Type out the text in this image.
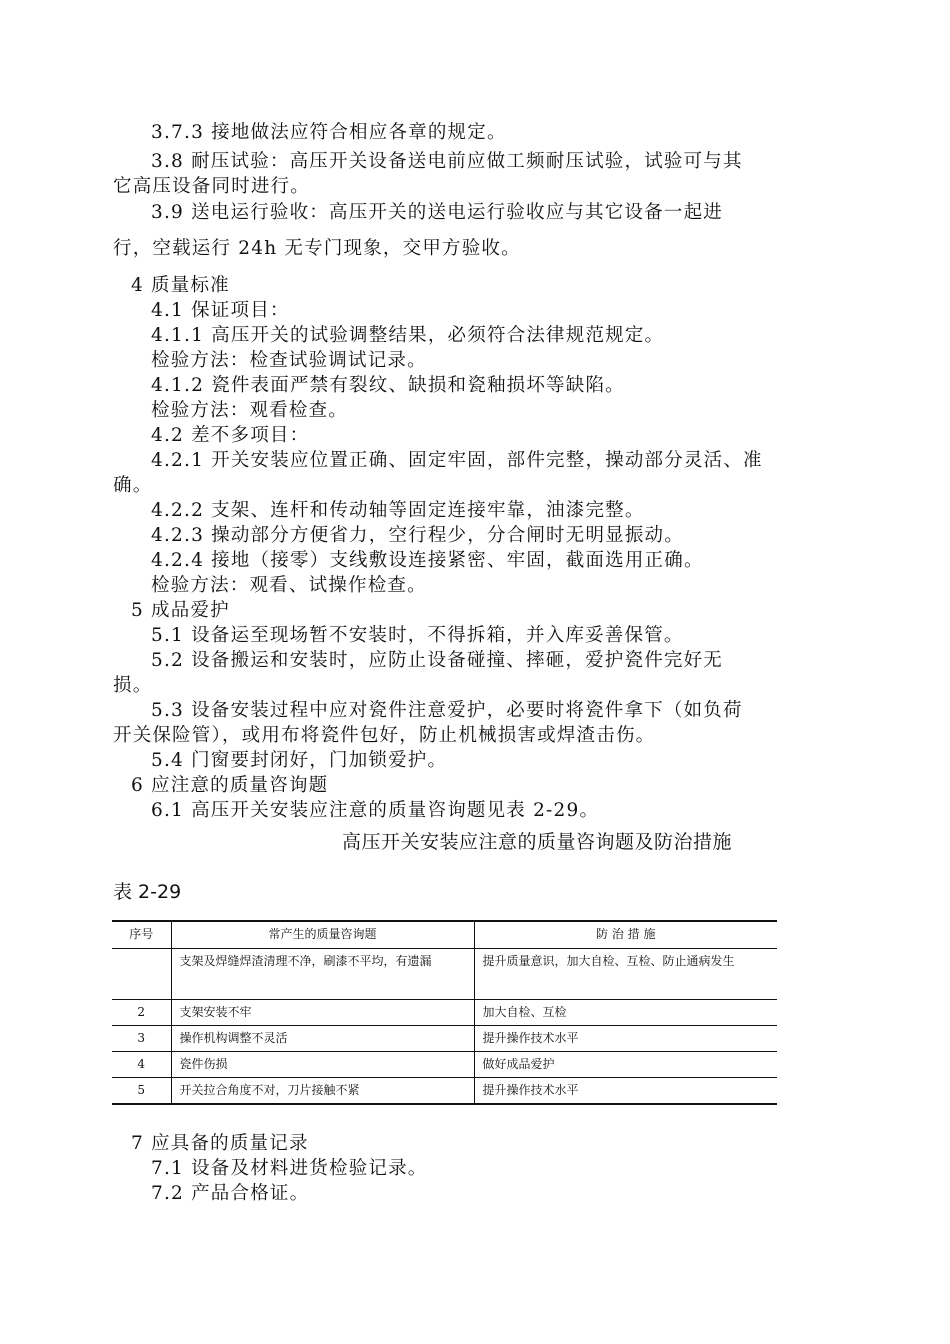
3.7.3 接地做法应符合相应各章的规定。
3.8 耐压试验：高压开关设备送电前应做工频耐压试验，试验可与其
它高压设备同时进行。
3.9 送电运行验收：高压开关的送电运行验收应与其它设备一起进
行，空载运行 24h 无专门现象，交甲方验收。
4 质量标准
4.1 保证项目：
4.1.1 高压开关的试验调整结果，必须符合法律规范规定。
检验方法：检查试验调试记录。
4.1.2 瓷件表面严禁有裂纹、缺损和瓷釉损坏等缺陷。
检验方法：观看检查。
4.2 差不多项目：
4.2.1 开关安装应位置正确、固定牢固，部件完整，操动部分灵活、准
确。
4.2.2 支架、连杆和传动轴等固定连接牢靠，油漆完整。
4.2.3 操动部分方便省力，空行程少，分合闸时无明显振动。
4.2.4 接地（接零）支线敷设连接紧密、牢固，截面选用正确。
检验方法：观看、试操作检查。
5 成品爱护
5.1 设备运至现场暂不安装时，不得拆箱，并入库妥善保管。
5.2 设备搬运和安装时，应防止设备碰撞、摔砸，爱护瓷件完好无
损。
5.3 设备安装过程中应对瓷件注意爱护，必要时将瓷件拿下（如负荷
开关保险管），或用布将瓷件包好，防止机械损害或焊渣击伤。
5.4 门窗要封闭好，门加锁爱护。
6 应注意的质量咨询题
6.1 高压开关安装应注意的质量咨询题见表 2-29。
高压开关安装应注意的质量咨询题及防治措施
表 2-29
序号	常产生的质量咨询题	防 治 措 施
	支架及焊缝焊渣清理不净，刷漆不平均，有遗漏	提升质量意识，加大自检、互检、防止通病发生
2	支架安装不牢	加大自检、互检
3	操作机构调整不灵活	提升操作技术水平
4	瓷件伤损	做好成品爱护
5	开关拉合角度不对，刀片接触不紧	提升操作技术水平
7 应具备的质量记录
7.1 设备及材料进货检验记录。
7.2 产品合格证。
